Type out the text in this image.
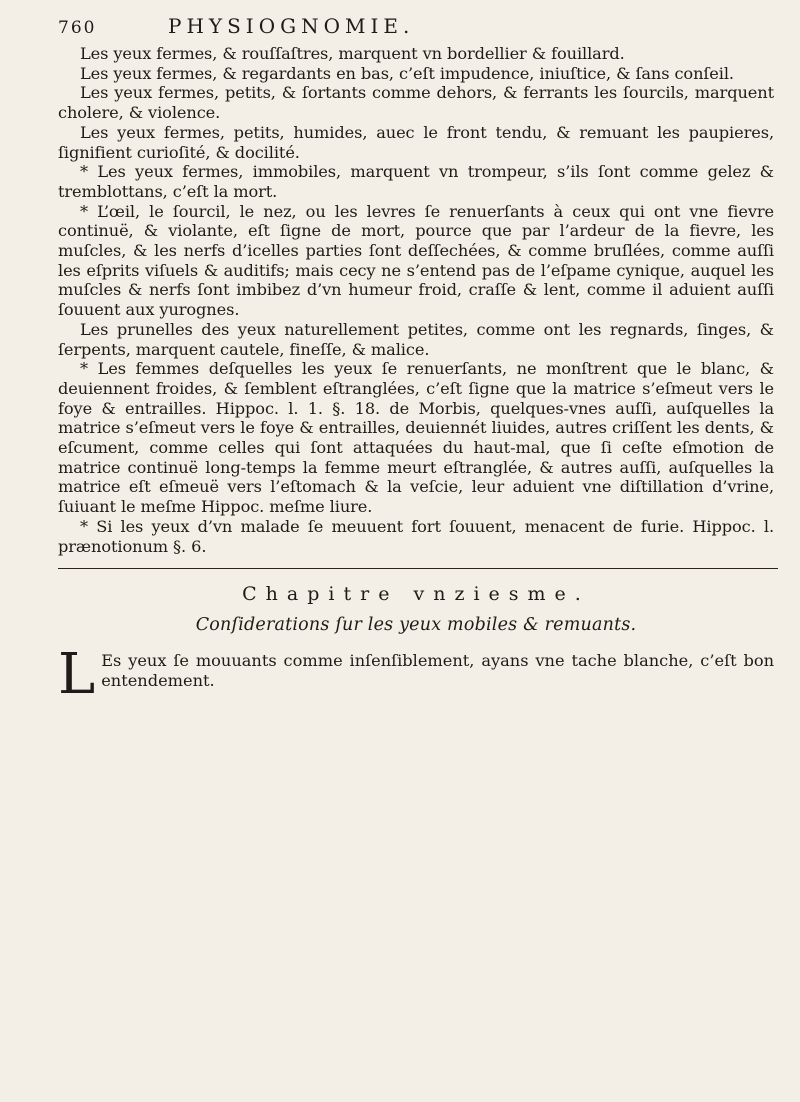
760	PHYSIOGNOMIE.

Les yeux fermes, & rouſſaſtres, marquent vn bordellier & fouillard.

Les yeux fermes, & regardants en bas, c’eſt impudence, iniuſtice, & ſans conſeil.

Les yeux fermes, petits, & ſortants comme dehors, & ferrants les ſourcils, marquent cholere, & violence.

Les yeux fermes, petits, humides, auec le front tendu, & remuant les paupieres, ſignifient curioſité, & docilité.

* Les yeux fermes, immobiles, marquent vn trompeur, s’ils ſont comme gelez & tremblottans, c’eſt la mort.

* L’œil, le ſourcil, le nez, ou les levres ſe renuerſants à ceux qui ont vne fievre continuë, & violante, eſt ſigne de mort, pource que par l’ardeur de la fievre, les muſcles, & les nerfs d’icelles parties ſont deſſechées, & comme bruſlées, comme auſſi les eſprits viſuels & auditifs; mais cecy ne s’entend pas de l’eſpame cynique, auquel les muſcles & nerfs ſont imbibez d’vn humeur froid, craſſe & lent, comme il aduient auſſi ſouuent aux yurognes.

Les prunelles des yeux naturellement petites, comme ont les regnards, ſinges, & ſerpents, marquent cautele, fineſſe, & malice.

* Les femmes deſquelles les yeux ſe renuerſants, ne monſtrent que le blanc, & deuiennent froides, & ſemblent eſtranglées, c’eſt ſigne que la matrice s’eſmeut vers le foye & entrailles. Hippoc. l. 1. §. 18. de Morbis, quelques-vnes auſſi, auſquelles la matrice s’eſmeut vers le foye & entrailles, deuiennét liuides, autres criſſent les dents, & eſcument, comme celles qui ſont attaquées du haut-mal, que ſi ceſte eſmotion de matrice continuë long-temps la femme meurt eſtranglée, & autres auſſi, auſquelles la matrice eſt eſmeuë vers l’eſtomach & la veſcie, leur aduient vne diſtillation d’vrine, ſuiuant le meſme Hippoc. meſme liure.

* Si les yeux d’vn malade ſe meuuent fort ſouuent, menacent de furie. Hippoc. l. prænotionum §. 6.

Chapitre vnziesme.
Conſiderations ſur les yeux mobiles & remuants.
L Es yeux ſe mouuants comme inſenſiblement, ayans vne tache blanche, c’eſt bon entendement.
